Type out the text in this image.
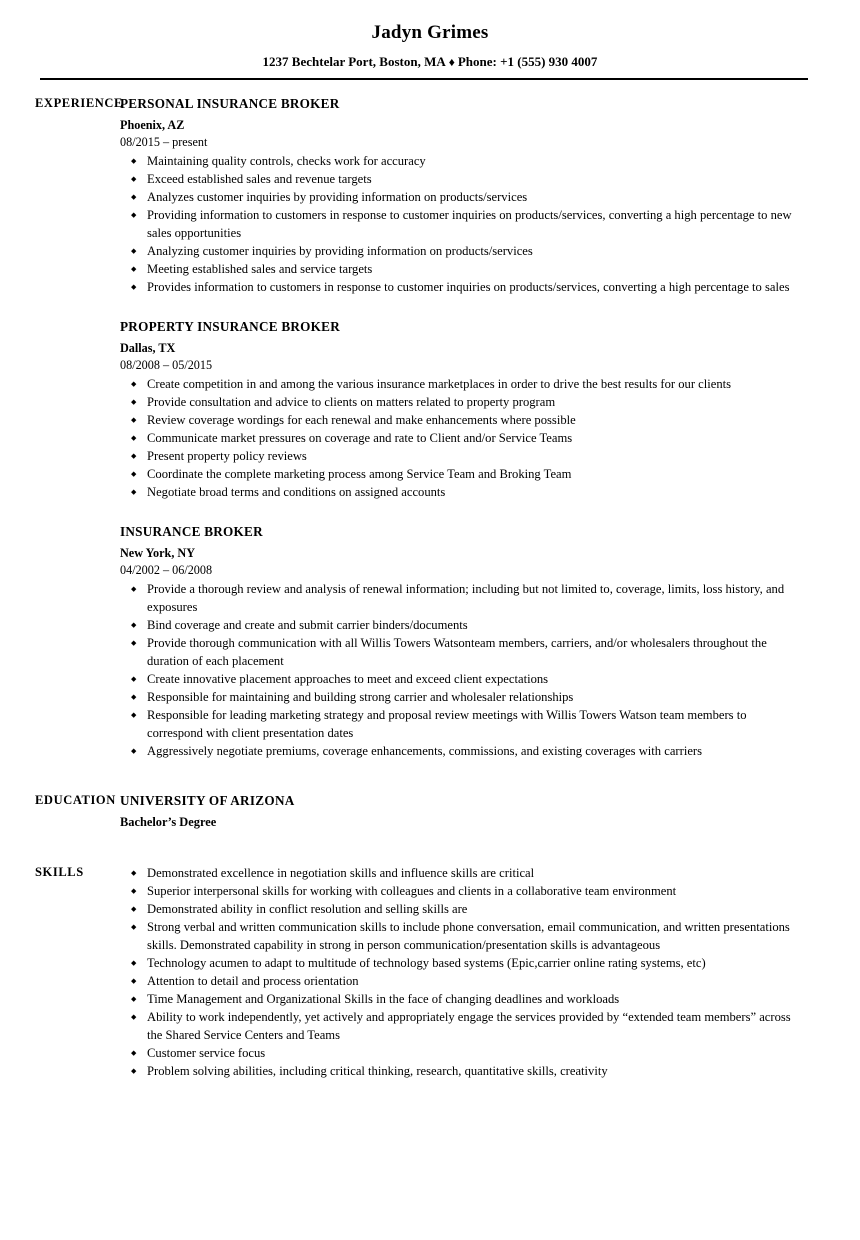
Jadyn Grimes
1237 Bechtelar Port, Boston, MA ♦ Phone: +1 (555) 930 4007
EXPERIENCE
PERSONAL INSURANCE BROKER
Phoenix, AZ
08/2015 – present
◆ Maintaining quality controls, checks work for accuracy
◆ Exceed established sales and revenue targets
◆ Analyzes customer inquiries by providing information on products/services
◆ Providing information to customers in response to customer inquiries on products/services, converting a high percentage to new sales opportunities
◆ Analyzing customer inquiries by providing information on products/services
◆ Meeting established sales and service targets
◆ Provides information to customers in response to customer inquiries on products/services, converting a high percentage to sales
PROPERTY INSURANCE BROKER
Dallas, TX
08/2008 – 05/2015
◆ Create competition in and among the various insurance marketplaces in order to drive the best results for our clients
◆ Provide consultation and advice to clients on matters related to property program
◆ Review coverage wordings for each renewal and make enhancements where possible
◆ Communicate market pressures on coverage and rate to Client and/or Service Teams
◆ Present property policy reviews
◆ Coordinate the complete marketing process among Service Team and Broking Team
◆ Negotiate broad terms and conditions on assigned accounts
INSURANCE BROKER
New York, NY
04/2002 – 06/2008
◆ Provide a thorough review and analysis of renewal information; including but not limited to, coverage, limits, loss history, and exposures
◆ Bind coverage and create and submit carrier binders/documents
◆ Provide thorough communication with all Willis Towers Watsonteam members, carriers, and/or wholesalers throughout the duration of each placement
◆ Create innovative placement approaches to meet and exceed client expectations
◆ Responsible for maintaining and building strong carrier and wholesaler relationships
◆ Responsible for leading marketing strategy and proposal review meetings with Willis Towers Watson team members to correspond with client presentation dates
◆ Aggressively negotiate premiums, coverage enhancements, commissions, and existing coverages with carriers
EDUCATION UNIVERSITY OF ARIZONA
Bachelor’s Degree
SKILLS	◆ Demonstrated excellence in negotiation skills and influence skills are critical
◆ Superior interpersonal skills for working with colleagues and clients in a collaborative team environment
◆ Demonstrated ability in conflict resolution and selling skills are
◆ Strong verbal and written communication skills to include phone conversation, email communication, and written presentations skills. Demonstrated capability in strong in person communication/presentation skills is advantageous
◆ Technology acumen to adapt to multitude of technology based systems (Epic,carrier online rating systems, etc)
◆ Attention to detail and process orientation
◆ Time Management and Organizational Skills in the face of changing deadlines and workloads
◆ Ability to work independently, yet actively and appropriately engage the services provided by “extended team members” across the Shared Service Centers and Teams
◆ Customer service focus
◆ Problem solving abilities, including critical thinking, research, quantitative skills, creativity
